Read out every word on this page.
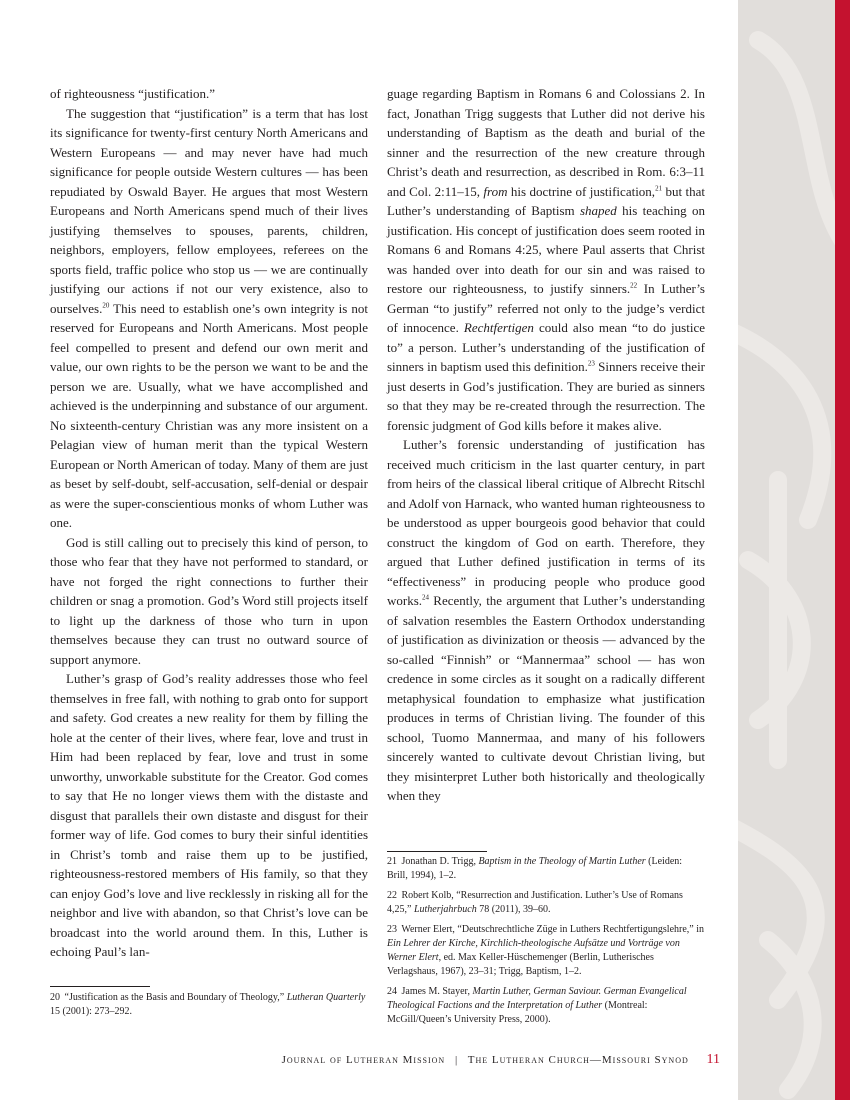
of righteousness “justification.”

The suggestion that “justification” is a term that has lost its significance for twenty-first century North Americans and Western Europeans — and may never have had much significance for people outside Western cultures — has been repudiated by Oswald Bayer. He argues that most Western Europeans and North Americans spend much of their lives justifying themselves to spouses, parents, children, neighbors, employers, fellow employees, referees on the sports field, traffic police who stop us — we are continually justifying our actions if not our very existence, also to ourselves.$^{20}$ This need to establish one’s own integrity is not reserved for Europeans and North Americans. Most people feel compelled to present and defend our own merit and value, our own rights to be the person we want to be and the person we are. Usually, what we have accomplished and achieved is the underpinning and substance of our argument. No sixteenth-century Christian was any more insistent on a Pelagian view of human merit than the typical Western European or North American of today. Many of them are just as beset by self-doubt, self-accusation, self-denial or despair as were the super-conscientious monks of whom Luther was one.

God is still calling out to precisely this kind of person, to those who fear that they have not performed to standard, or have not forged the right connections to further their children or snag a promotion. God’s Word still projects itself to light up the darkness of those who turn in upon themselves because they can trust no outward source of support anymore.

Luther’s grasp of God’s reality addresses those who feel themselves in free fall, with nothing to grab onto for support and safety. God creates a new reality for them by filling the hole at the center of their lives, where fear, love and trust in Him had been replaced by fear, love and trust in some unworthy, unworkable substitute for the Creator. God comes to say that He no longer views them with the distaste and disgust that parallels their own distaste and disgust for their former way of life. God comes to bury their sinful identities in Christ’s tomb and raise them up to be justified, righteousness-restored members of His family, so that they can enjoy God’s love and live recklessly in risking all for the neighbor and live with abandon, so that Christ’s love can be broadcast into the world around them. In this, Luther is echoing Paul’s lan-

guage regarding Baptism in Romans 6 and Colossians 2. In fact, Jonathan Trigg suggests that Luther did not derive his understanding of Baptism as the death and burial of the sinner and the resurrection of the new creature through Christ’s death and resurrection, as described in Rom. 6:3–11 and Col. 2:11–15, from his doctrine of justification,$^{21}$ but that Luther’s understanding of Baptism shaped his teaching on justification. His concept of justification does seem rooted in Romans 6 and Romans 4:25, where Paul asserts that Christ was handed over into death for our sin and was raised to restore our righteousness, to justify sinners.$^{22}$ In Luther’s German “to justify” referred not only to the judge’s verdict of innocence. Rechtfertigen could also mean “to do justice to” a person. Luther’s understanding of the justification of sinners in baptism used this definition.$^{23}$ Sinners receive their just deserts in God’s justification. They are buried as sinners so that they may be re-created through the resurrection. The forensic judgment of God kills before it makes alive.

Luther’s forensic understanding of justification has received much criticism in the last quarter century, in part from heirs of the classical liberal critique of Albrecht Ritschl and Adolf von Harnack, who wanted human righteousness to be understood as upper bourgeois good behavior that could construct the kingdom of God on earth. Therefore, they argued that Luther defined justification in terms of its “effectiveness” in producing people who produce good works.$^{24}$ Recently, the argument that Luther’s understanding of salvation resembles the Eastern Orthodox understanding of justification as divinization or theosis — advanced by the so-called “Finnish” or “Mannermaa” school — has won credence in some circles as it sought on a radically different metaphysical foundation to emphasize what justification produces in terms of Christian living. The founder of this school, Tuomo Mannermaa, and many of his followers sincerely wanted to cultivate devout Christian living, but they misinterpret Luther both historically and theologically when they

20 “Justification as the Basis and Boundary of Theology,” Lutheran Quarterly 15 (2001): 273–292.

21 Jonathan D. Trigg, Baptism in the Theology of Martin Luther (Leiden: Brill, 1994), 1–2.

22 Robert Kolb, “Resurrection and Justification. Luther’s Use of Romans 4,25,” Lutherjahrbuch 78 (2011), 39–60.

23 Werner Elert, “Deutschrechtliche Züge in Luthers Rechtfertigungslehre,” in Ein Lehrer der Kirche, Kirchlich-theologische Aufsätze und Vorträge von Werner Elert, ed. Max Keller-Hüschemenger (Berlin, Lutherisches Verlagshaus, 1967), 23–31; Trigg, Baptism, 1–2.

24 James M. Stayer, Martin Luther, German Saviour. German Evangelical Theological Factions and the Interpretation of Luther (Montreal: McGill/Queen’s University Press, 2000).

Journal of Lutheran Mission | The Lutheran Church—Missouri Synod 11
